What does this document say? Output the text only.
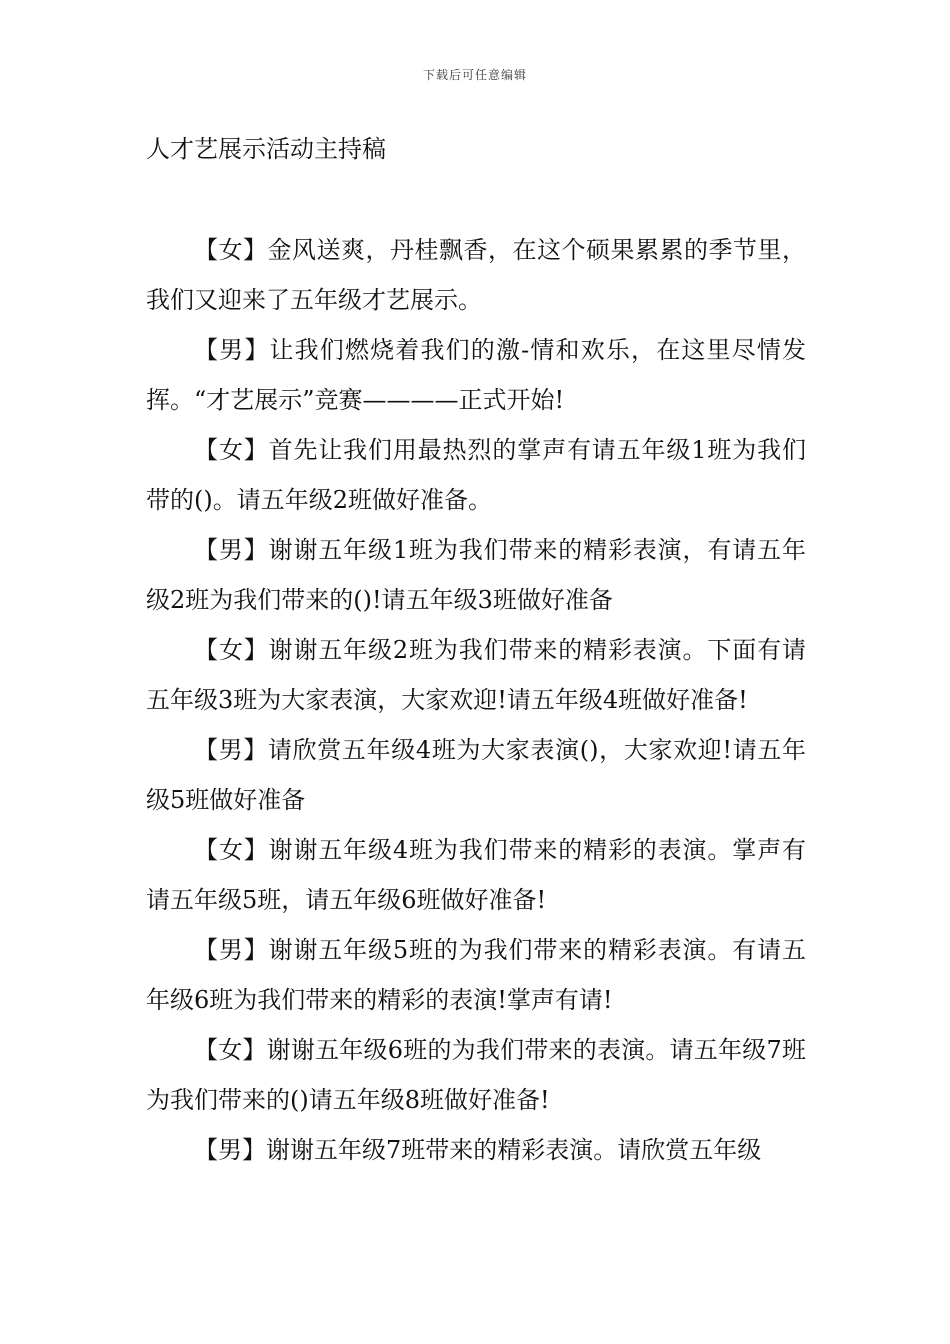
下载后可任意编辑
人才艺展示活动主持稿

【女】金风送爽，丹桂飘香，在这个硕果累累的季节里，我们又迎来了五年级才艺展示。

【男】让我们燃烧着我们的激-情和欢乐，在这里尽情发挥。“才艺展示”竞赛————正式开始!

【女】首先让我们用最热烈的掌声有请五年级1班为我们带的()。请五年级2班做好准备。

【男】谢谢五年级1班为我们带来的精彩表演，有请五年级2班为我们带来的()!请五年级3班做好准备

【女】谢谢五年级2班为我们带来的精彩表演。下面有请五年级3班为大家表演，大家欢迎!请五年级4班做好准备!

【男】请欣赏五年级4班为大家表演()，大家欢迎!请五年级5班做好准备

【女】谢谢五年级4班为我们带来的精彩的表演。掌声有请五年级5班，请五年级6班做好准备!

【男】谢谢五年级5班的为我们带来的精彩表演。有请五年级6班为我们带来的精彩的表演!掌声有请!

【女】谢谢五年级6班的为我们带来的表演。请五年级7班为我们带来的()请五年级8班做好准备!

【男】谢谢五年级7班带来的精彩表演。请欣赏五年级
